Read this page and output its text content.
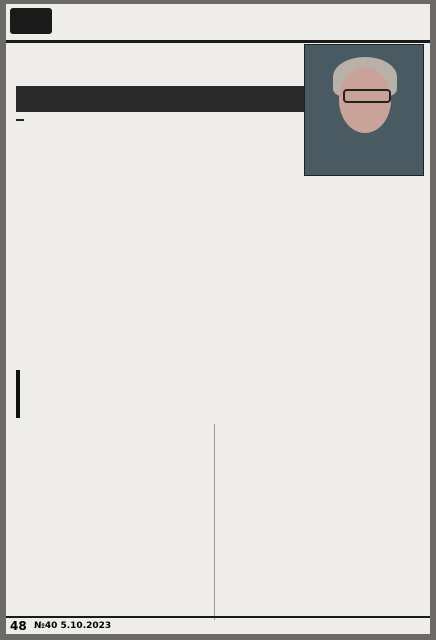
48 №40 5.10.2023
